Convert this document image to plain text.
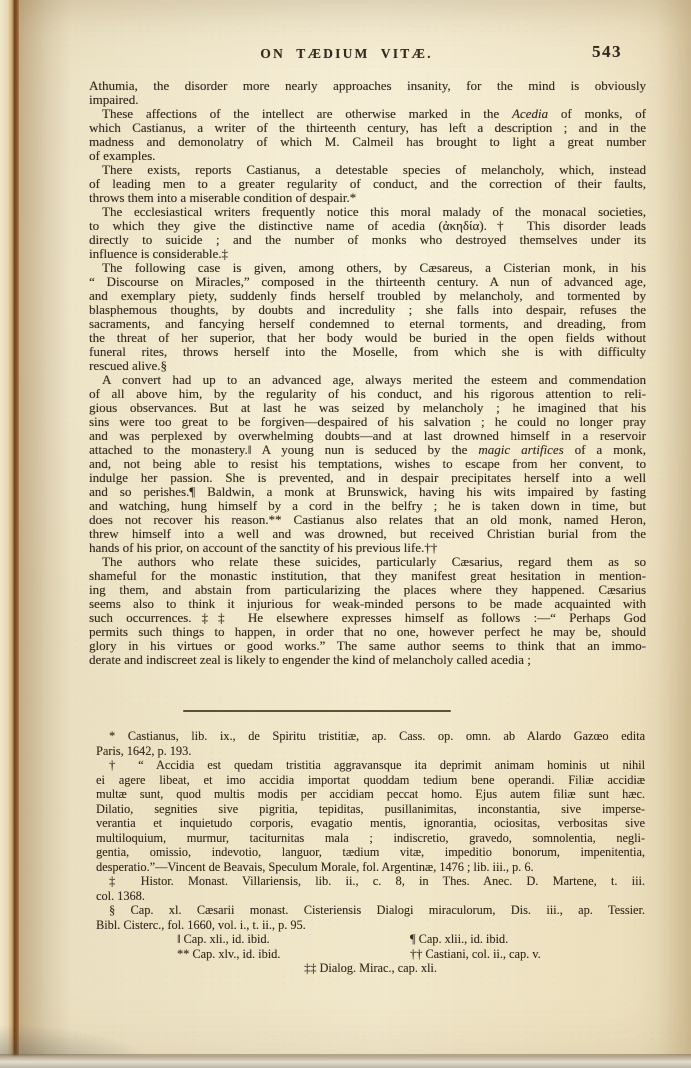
ON TÆDIUM VITÆ.	543
Athumia, the disorder more nearly approaches insanity, for the mind is obviously
impaired.
These affections of the intellect are otherwise marked in the Acedia of monks, of
which Castianus, a writer of the thirteenth century, has left a description ; and in the
madness and demonolatry of which M. Calmeil has brought to light a great number
of examples.
There exists, reports Castianus, a detestable species of melancholy, which, instead
of leading men to a greater regularity of conduct, and the correction of their faults,
throws them into a miserable condition of despair.*
The ecclesiastical writers frequently notice this moral malady of the monacal societies,
to which they give the distinctive name of acedia (ἀκηδία).† This disorder leads
directly to suicide ; and the number of monks who destroyed themselves under its
influence is considerable.‡
The following case is given, among others, by Cæsareus, a Cisterian monk, in his
“ Discourse on Miracles,” composed in the thirteenth century. A nun of advanced age,
and exemplary piety, suddenly finds herself troubled by melancholy, and tormented by
blasphemous thoughts, by doubts and incredulity ; she falls into despair, refuses the
sacraments, and fancying herself condemned to eternal torments, and dreading, from
the threat of her superior, that her body would be buried in the open fields without
funeral rites, throws herself into the Moselle, from which she is with difficulty
rescued alive.§
A convert had up to an advanced age, always merited the esteem and commendation
of all above him, by the regularity of his conduct, and his rigorous attention to reli-
gious observances. But at last he was seized by melancholy ; he imagined that his
sins were too great to be forgiven—despaired of his salvation ; he could no longer pray
and was perplexed by overwhelming doubts—and at last drowned himself in a reservoir
attached to the monastery.‖ A young nun is seduced by the magic artifices of a monk,
and, not being able to resist his temptations, wishes to escape from her convent, to
indulge her passion. She is prevented, and in despair precipitates herself into a well
and so perishes.¶ Baldwin, a monk at Brunswick, having his wits impaired by fasting
and watching, hung himself by a cord in the belfry ; he is taken down in time, but
does not recover his reason.** Castianus also relates that an old monk, named Heron,
threw himself into a well and was drowned, but received Christian burial from the
hands of his prior, on account of the sanctity of his previous life.††
The authors who relate these suicides, particularly Cæsarius, regard them as so
shameful for the monastic institution, that they manifest great hesitation in mention-
ing them, and abstain from particularizing the places where they happened. Cæsarius
seems also to think it injurious for weak-minded persons to be made acquainted with
such occurrences.‡‡ He elsewhere expresses himself as follows :—“ Perhaps God
permits such things to happen, in order that no one, however perfect he may be, should
glory in his virtues or good works.” The same author seems to think that an immo-
derate and indiscreet zeal is likely to engender the kind of melancholy called acedia ;
* Castianus, lib. ix., de Spiritu tristitiæ, ap. Cass. op. omn. ab Alardo Gazœo edita
Paris, 1642, p. 193.
† “ Accidia est quedam tristitia aggravansque ita deprimit animam hominis ut nihil
ei agere libeat, et imo accidia importat quoddam tedium bene operandi. Filiæ accidiæ
multæ sunt, quod multis modis per accidiam peccat homo. Ejus autem filiæ sunt hæc.
Dilatio, segnities sive pigritia, tepiditas, pusillanimitas, inconstantia, sive imperse-
verantia et inquietudo corporis, evagatio mentis, ignorantia, ociositas, verbositas sive
multiloquium, murmur, taciturnitas mala ; indiscretio, gravedo, somnolentia, negli-
gentia, omissio, indevotio, languor, tædium vitæ, impeditio bonorum, impenitentia,
desperatio.”—Vincent de Beavais, Speculum Morale, fol. Argentinæ, 1476 ; lib. iii., p. 6.
‡ Histor. Monast. Villariensis, lib. ii., c. 8, in Thes. Anec. D. Martene, t. iii.
col. 1368.
§ Cap. xl. Cæsarii monast. Cisteriensis Dialogi miraculorum, Dis. iii., ap. Tessier.
Bibl. Cisterc., fol. 1660, vol. i., t. ii., p. 95.
‖ Cap. xli., id. ibid.	¶ Cap. xlii., id. ibid.
** Cap. xlv., id. ibid.	†† Castiani, col. ii., cap. v.
‡‡ Dialog. Mirac., cap. xli.
